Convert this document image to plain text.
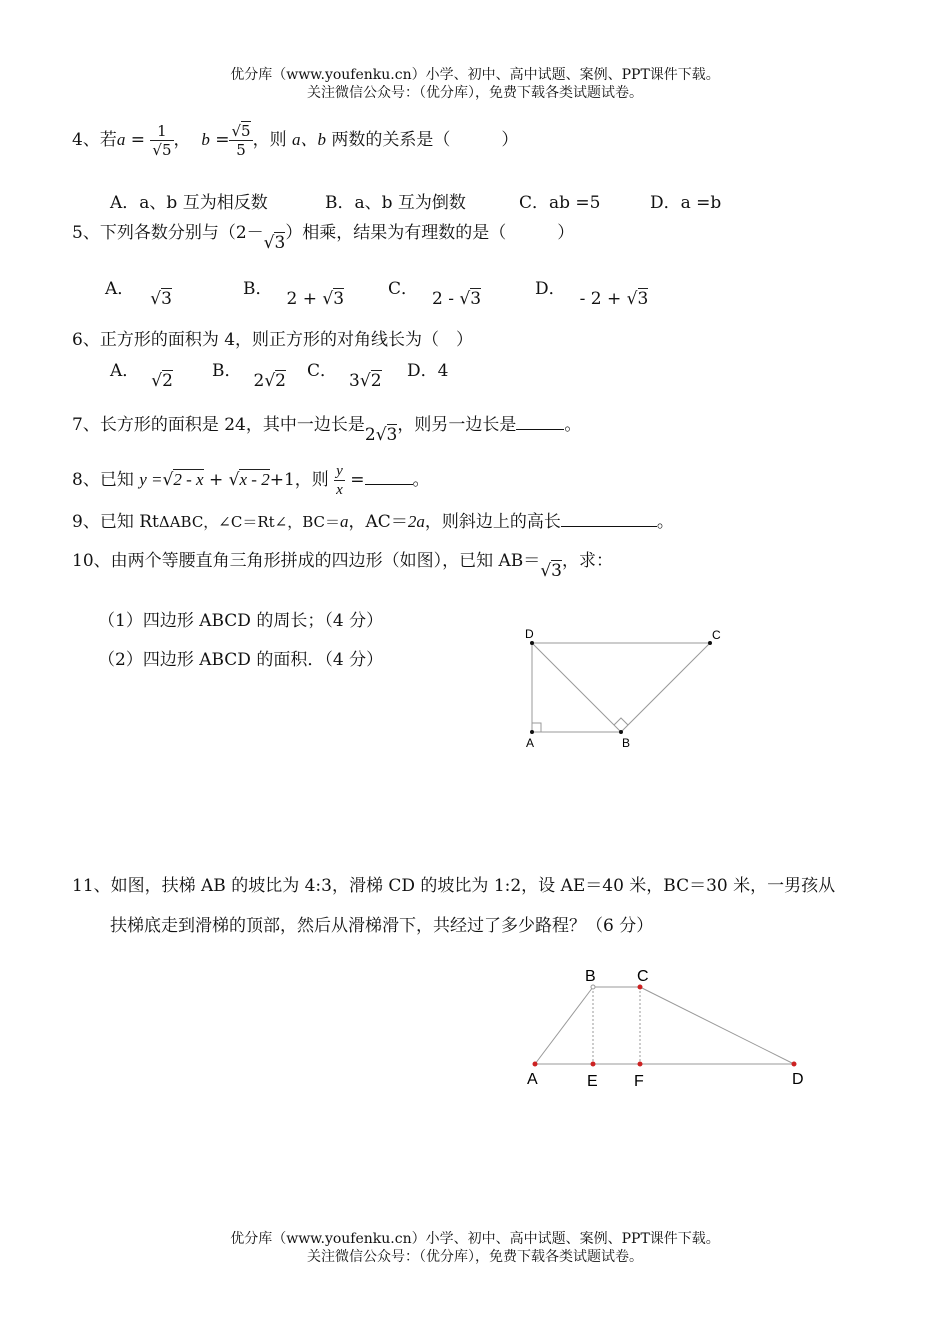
优分库（www.youfenku.cn）小学、初中、高中试题、案例、PPT课件下载。
关注微信公众号：（优分库），免费下载各类试题试卷。
4、若$a = \frac{1}{√5}$ ， $b = \frac{√5}{5}$ ，则 a、b 两数的关系是（　　　）
A．a、b 互为相反数	B．a、b 互为倒数	C．ab =5	D．a =b
5、下列各数分别与（2－√3）相乘，结果为有理数的是（　　　）
A． √3	B． 2 + √3	C． 2 - √3	D． - 2 + √3
6、正方形的面积为 4，则正方形的对角线长为（　）
A． √2 B． 2√2 C． 3√2 D．4
7、长方形的面积是 24，其中一边长是2√3，则另一边长是	。
8、已知 y =√2 - x + √x - 2+1，则 $\frac{y}{x}$ =	。
9、已知 RtΔABC，∠C＝Rt∠，BC＝a，AC＝2a，则斜边上的高长	。
10、由两个等腰直角三角形拼成的四边形（如图），已知 AB＝√3，求：
（1）四边形 ABCD 的周长；（4 分）
（2）四边形 ABCD 的面积．（4 分）
D	C
A	B
11、如图，扶梯 AB 的坡比为 4:3，滑梯 CD 的坡比为 1:2，设 AE＝40 米，BC＝30 米，一男孩从
扶梯底走到滑梯的顶部，然后从滑梯滑下，共经过了多少路程？（6 分）
B	C
A	E F	D
优分库（www.youfenku.cn）小学、初中、高中试题、案例、PPT课件下载。
关注微信公众号：（优分库），免费下载各类试题试卷。
